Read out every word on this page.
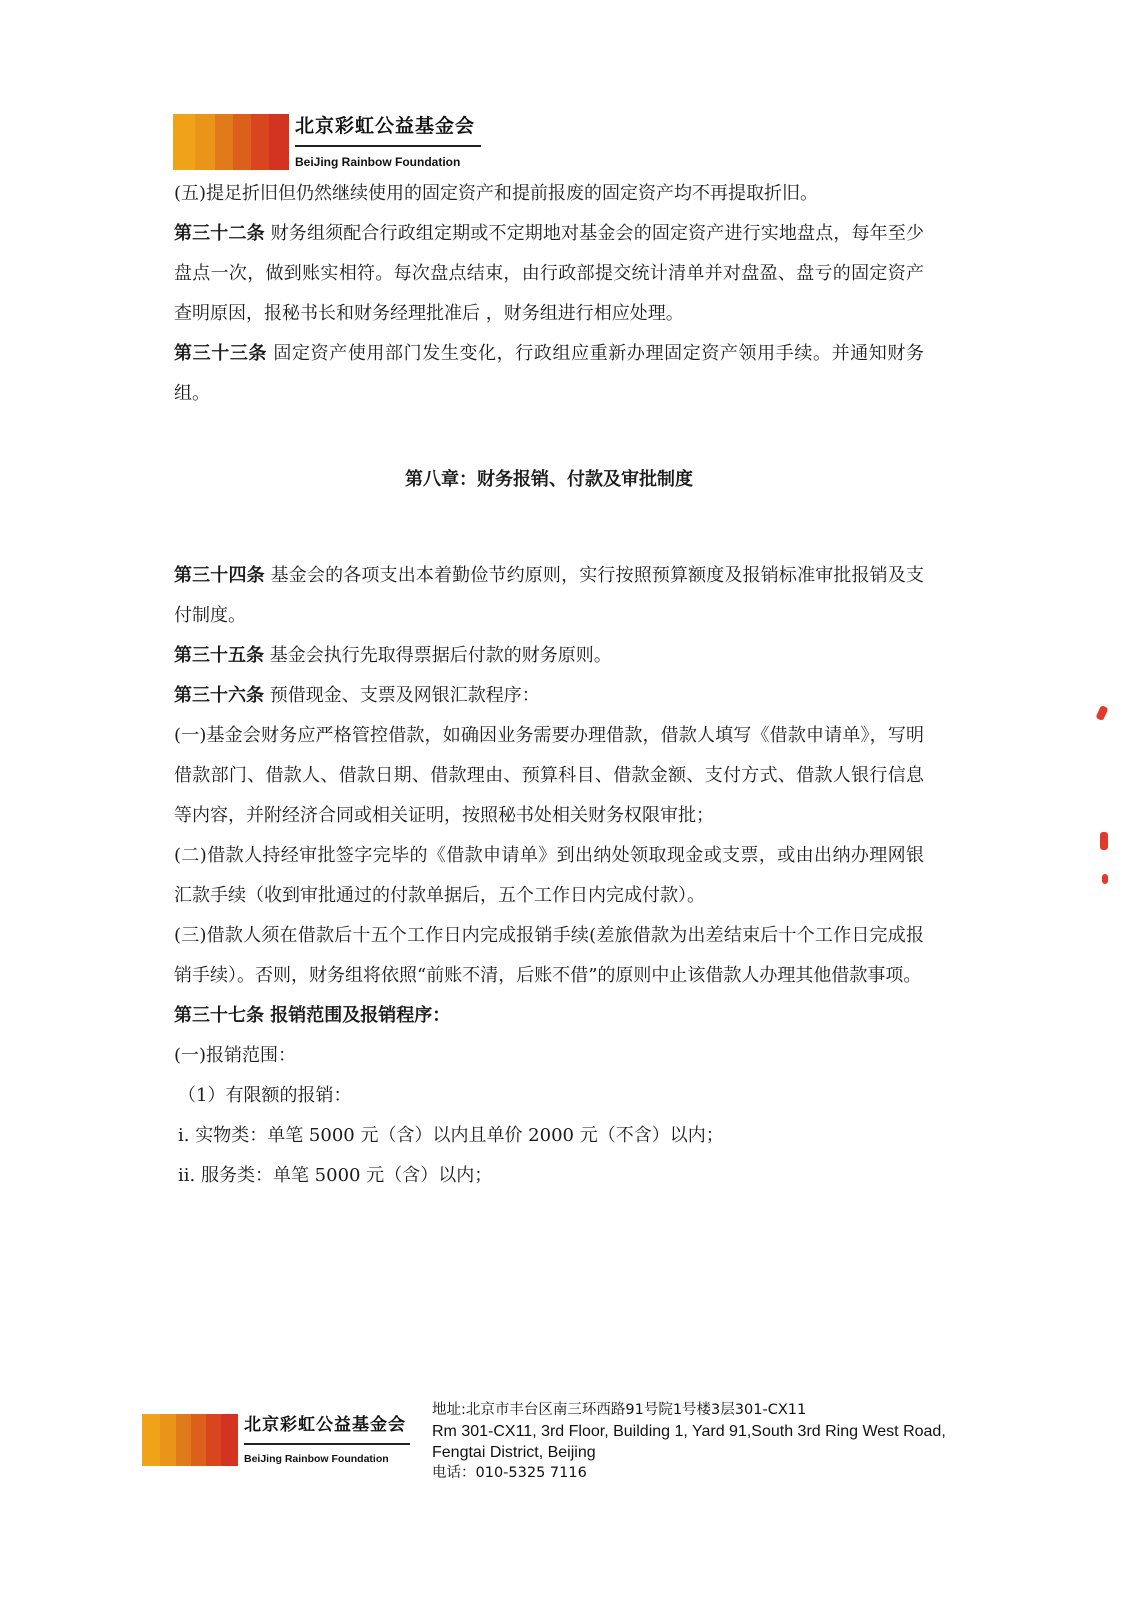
北京彩虹公益基金会
BeiJing Rainbow Foundation
(五)提足折旧但仍然继续使用的固定资产和提前报废的固定资产均不再提取折旧。
第三十二条 财务组须配合行政组定期或不定期地对基金会的固定资产进行实地盘点，每年至少盘点一次，做到账实相符。每次盘点结束，由行政部提交统计清单并对盘盈、盘亏的固定资产查明原因，报秘书长和财务经理批准后 ，财务组进行相应处理。
第三十三条 固定资产使用部门发生变化，行政组应重新办理固定资产领用手续。并通知财务组。
第八章：财务报销、付款及审批制度
第三十四条 基金会的各项支出本着勤俭节约原则，实行按照预算额度及报销标准审批报销及支付制度。
第三十五条 基金会执行先取得票据后付款的财务原则。
第三十六条 预借现金、支票及网银汇款程序：
(一)基金会财务应严格管控借款，如确因业务需要办理借款，借款人填写《借款申请单》，写明借款部门、借款人、借款日期、借款理由、预算科目、借款金额、支付方式、借款人银行信息等内容，并附经济合同或相关证明，按照秘书处相关财务权限审批；
(二)借款人持经审批签字完毕的《借款申请单》到出纳处领取现金或支票，或由出纳办理网银汇款手续（收到审批通过的付款单据后，五个工作日内完成付款）。
(三)借款人须在借款后十五个工作日内完成报销手续(差旅借款为出差结束后十个工作日完成报销手续）。否则，财务组将依照“前账不清，后账不借”的原则中止该借款人办理其他借款事项。
第三十七条 报销范围及报销程序：
(一)报销范围：
（1）有限额的报销：
i. 实物类：单笔 5000 元（含）以内且单价 2000 元（不含）以内；
ii. 服务类：单笔 5000 元（含）以内；
北京彩虹公益基金会
BeiJing Rainbow Foundation
地址:北京市丰台区南三环西路91号院1号楼3层301-CX11
Rm 301-CX11, 3rd Floor, Building 1, Yard 91,South 3rd Ring West Road,
Fengtai District, Beijing
电话：010-5325 7116
